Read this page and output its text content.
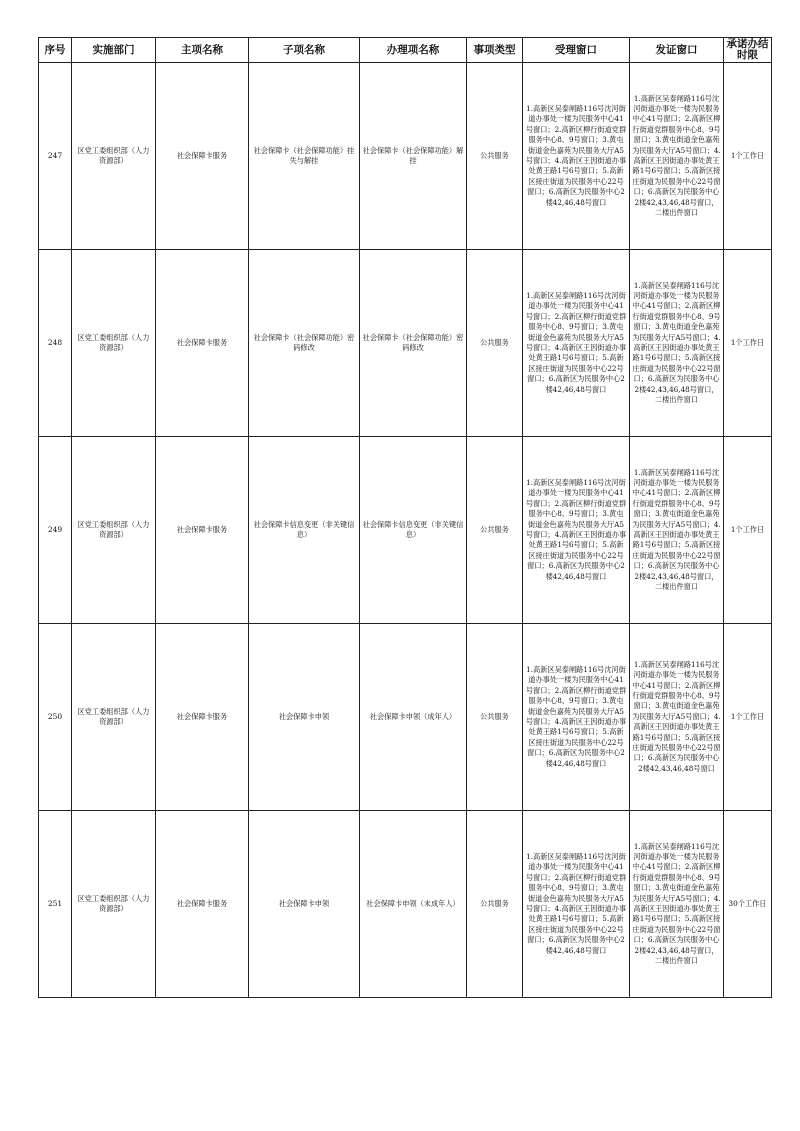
序号	实施部门	主项名称	子项名称	办理项名称	事项类型	受理窗口	发证窗口	承诺办结时限
247	区党工委组织部（人力资源部）	社会保障卡服务	社会保障卡（社会保障功能）挂失与解挂	社会保障卡（社会保障功能）解挂	公共服务	1.高新区吴泰闸路116号沈河街道办事处一楼为民服务中心41号窗口；2.高新区柳行街道党群服务中心8、9号窗口；3.黄屯街道金色嘉苑为民服务大厅A5号窗口；4.高新区王因街道办事处黄王路1号6号窗口；5.高新区接庄街道为民服务中心22号窗口；6.高新区为民服务中心2楼42,46,48号窗口	1.高新区吴泰闸路116号沈河街道办事处一楼为民服务中心41号窗口；2.高新区柳行街道党群服务中心8、9号窗口；3.黄屯街道金色嘉苑为民服务大厅A5号窗口；4.高新区王因街道办事处黄王路1号6号窗口；5.高新区接庄街道为民服务中心22号窗口；6.高新区为民服务中心2楼42,43,46,48号窗口，二楼出件窗口	1个工作日
248	区党工委组织部（人力资源部）	社会保障卡服务	社会保障卡（社会保障功能）密码修改	社会保障卡（社会保障功能）密码修改	公共服务	1.高新区吴泰闸路116号沈河街道办事处一楼为民服务中心41号窗口；2.高新区柳行街道党群服务中心8、9号窗口；3.黄屯街道金色嘉苑为民服务大厅A5号窗口；4.高新区王因街道办事处黄王路1号6号窗口；5.高新区接庄街道为民服务中心22号窗口；6.高新区为民服务中心2楼42,46,48号窗口	1.高新区吴泰闸路116号沈河街道办事处一楼为民服务中心41号窗口；2.高新区柳行街道党群服务中心8、9号窗口；3.黄屯街道金色嘉苑为民服务大厅A5号窗口；4.高新区王因街道办事处黄王路1号6号窗口；5.高新区接庄街道为民服务中心22号窗口；6.高新区为民服务中心2楼42,43,46,48号窗口，二楼出件窗口	1个工作日
249	区党工委组织部（人力资源部）	社会保障卡服务	社会保障卡信息变更（非关键信息）	社会保障卡信息变更（非关键信息）	公共服务	1.高新区吴泰闸路116号沈河街道办事处一楼为民服务中心41号窗口；2.高新区柳行街道党群服务中心8、9号窗口；3.黄屯街道金色嘉苑为民服务大厅A5号窗口；4.高新区王因街道办事处黄王路1号6号窗口；5.高新区接庄街道为民服务中心22号窗口；6.高新区为民服务中心2楼42,46,48号窗口	1.高新区吴泰闸路116号沈河街道办事处一楼为民服务中心41号窗口；2.高新区柳行街道党群服务中心8、9号窗口；3.黄屯街道金色嘉苑为民服务大厅A5号窗口；4.高新区王因街道办事处黄王路1号6号窗口；5.高新区接庄街道为民服务中心22号窗口；6.高新区为民服务中心2楼42,43,46,48号窗口，二楼出件窗口	1个工作日
250	区党工委组织部（人力资源部）	社会保障卡服务	社会保障卡申领	社会保障卡申领（成年人）	公共服务	1.高新区吴泰闸路116号沈河街道办事处一楼为民服务中心41号窗口；2.高新区柳行街道党群服务中心8、9号窗口；3.黄屯街道金色嘉苑为民服务大厅A5号窗口；4.高新区王因街道办事处黄王路1号6号窗口；5.高新区接庄街道为民服务中心22号窗口；6.高新区为民服务中心2楼42,46,48号窗口	1.高新区吴泰闸路116号沈河街道办事处一楼为民服务中心41号窗口；2.高新区柳行街道党群服务中心8、9号窗口；3.黄屯街道金色嘉苑为民服务大厅A5号窗口；4.高新区王因街道办事处黄王路1号6号窗口；5.高新区接庄街道为民服务中心22号窗口；6.高新区为民服务中心2楼42,43,46,48号窗口	1个工作日
251	区党工委组织部（人力资源部）	社会保障卡服务	社会保障卡申领	社会保障卡申领（未成年人）	公共服务	1.高新区吴泰闸路116号沈河街道办事处一楼为民服务中心41号窗口；2.高新区柳行街道党群服务中心8、9号窗口；3.黄屯街道金色嘉苑为民服务大厅A5号窗口；4.高新区王因街道办事处黄王路1号6号窗口；5.高新区接庄街道为民服务中心22号窗口；6.高新区为民服务中心2楼42,46,48号窗口	1.高新区吴泰闸路116号沈河街道办事处一楼为民服务中心41号窗口；2.高新区柳行街道党群服务中心8、9号窗口；3.黄屯街道金色嘉苑为民服务大厅A5号窗口；4.高新区王因街道办事处黄王路1号6号窗口；5.高新区接庄街道为民服务中心22号窗口；6.高新区为民服务中心2楼42,43,46,48号窗口，二楼出件窗口	30个工作日
